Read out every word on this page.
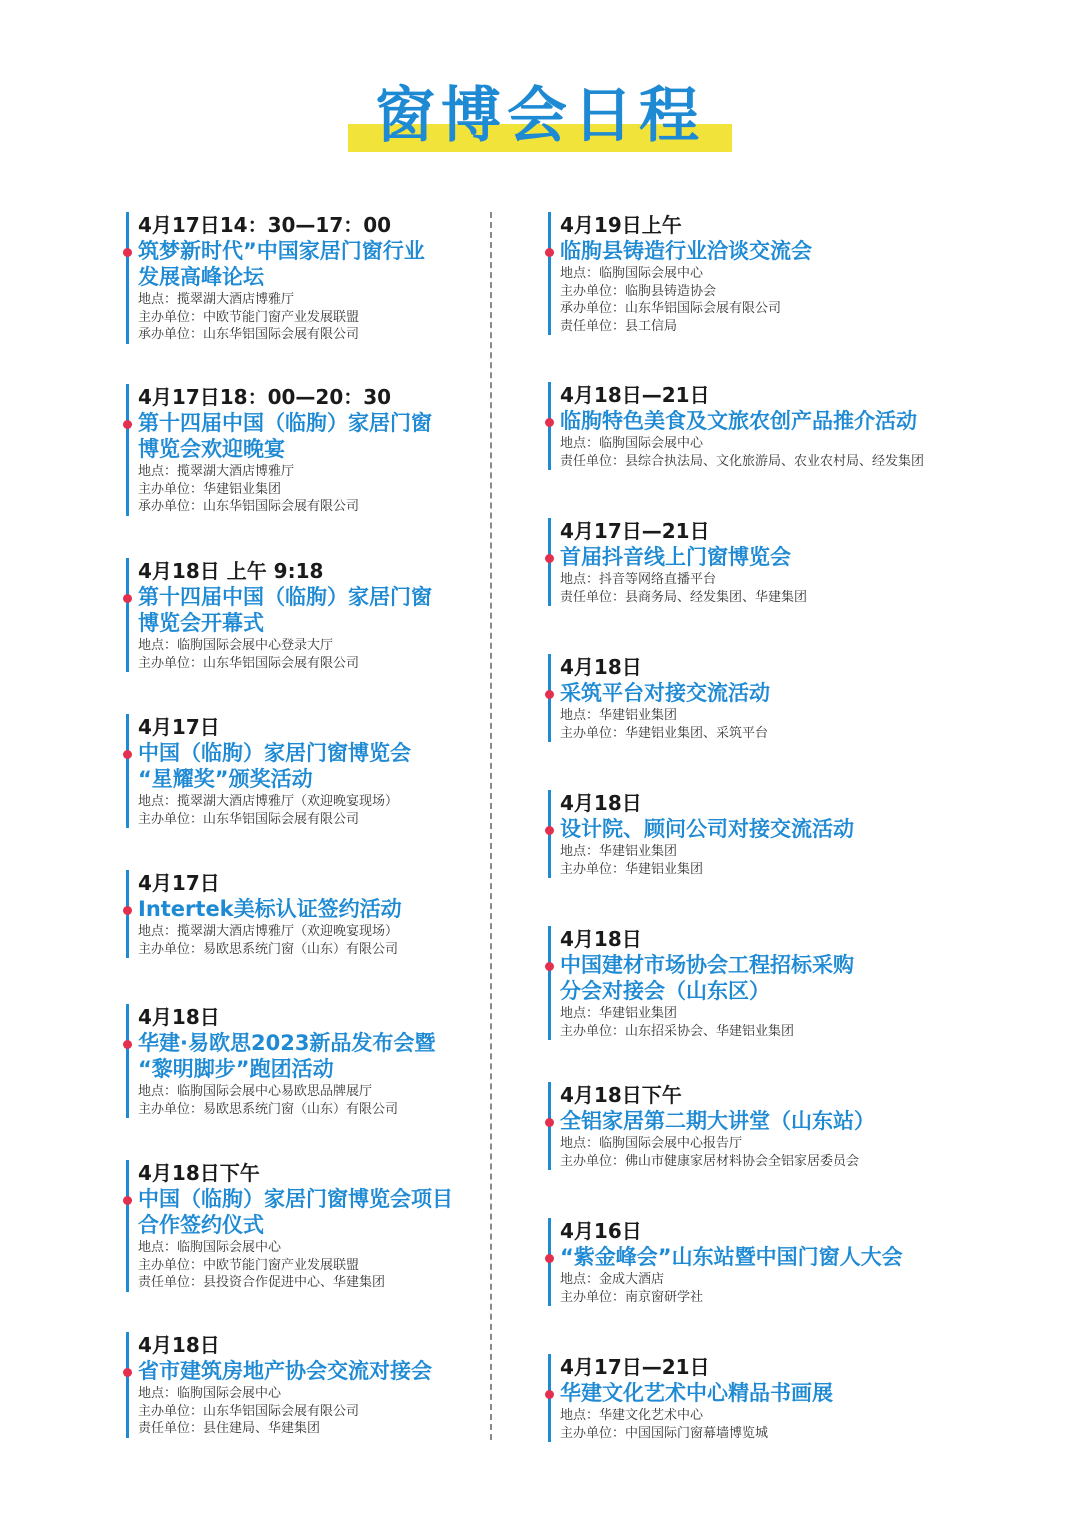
窗博会日程
4月17日14：30—17：00
筑梦新时代”中国家居门窗行业
发展高峰论坛
地点：揽翠湖大酒店博雅厅
主办单位：中欧节能门窗产业发展联盟
承办单位：山东华铝国际会展有限公司
4月17日18：00—20：30
第十四届中国（临朐）家居门窗
博览会欢迎晚宴
地点：揽翠湖大酒店博雅厅
主办单位：华建铝业集团
承办单位：山东华铝国际会展有限公司
4月18日 上午 9:18
第十四届中国（临朐）家居门窗
博览会开幕式
地点：临朐国际会展中心登录大厅
主办单位：山东华铝国际会展有限公司
4月17日
中国（临朐）家居门窗博览会
“星耀奖”颁奖活动
地点：揽翠湖大酒店博雅厅（欢迎晚宴现场）
主办单位：山东华铝国际会展有限公司
4月17日
Intertek美标认证签约活动
地点：揽翠湖大酒店博雅厅（欢迎晚宴现场）
主办单位：易欧思系统门窗（山东）有限公司
4月18日
华建·易欧思2023新品发布会暨
“黎明脚步”跑团活动
地点：临朐国际会展中心易欧思品牌展厅
主办单位：易欧思系统门窗（山东）有限公司
4月18日下午
中国（临朐）家居门窗博览会项目
合作签约仪式
地点：临朐国际会展中心
主办单位：中欧节能门窗产业发展联盟
责任单位：县投资合作促进中心、华建集团
4月18日
省市建筑房地产协会交流对接会
地点：临朐国际会展中心
主办单位：山东华铝国际会展有限公司
责任单位：县住建局、华建集团
4月19日上午
临朐县铸造行业洽谈交流会
地点：临朐国际会展中心
主办单位：临朐县铸造协会
承办单位：山东华铝国际会展有限公司
责任单位：县工信局
4月18日—21日
临朐特色美食及文旅农创产品推介活动
地点：临朐国际会展中心
责任单位：县综合执法局、文化旅游局、农业农村局、经发集团
4月17日—21日
首届抖音线上门窗博览会
地点：抖音等网络直播平台
责任单位：县商务局、经发集团、华建集团
4月18日
采筑平台对接交流活动
地点：华建铝业集团
主办单位：华建铝业集团、采筑平台
4月18日
设计院、顾问公司对接交流活动
地点：华建铝业集团
主办单位：华建铝业集团
4月18日
中国建材市场协会工程招标采购
分会对接会（山东区）
地点：华建铝业集团
主办单位：山东招采协会、华建铝业集团
4月18日下午
全铝家居第二期大讲堂（山东站）
地点：临朐国际会展中心报告厅
主办单位：佛山市健康家居材料协会全铝家居委员会
4月16日
“紫金峰会”山东站暨中国门窗人大会
地点：金成大酒店
主办单位：南京窗研学社
4月17日—21日
华建文化艺术中心精品书画展
地点：华建文化艺术中心
主办单位：中国国际门窗幕墙博览城
